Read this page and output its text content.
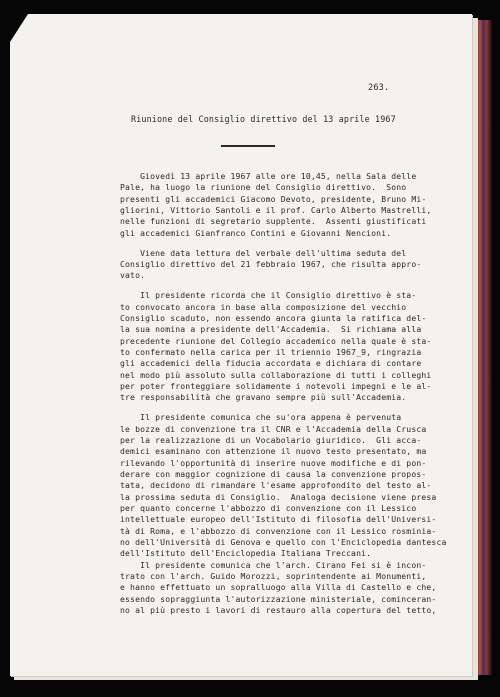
263.
Riunione del Consiglio direttivo del 13 aprile 1967
Giovedì 13 aprile 1967 alle ore 10,45, nella Sala delle
Pale, ha luogo la riunione del Consiglio direttivo.  Sono
presenti gli accademici Giacomo Devoto, presidente, Bruno Mi-
gliorini, Vittorio Santoli e il prof. Carlo Alberto Mastrelli,
nelle funzioni di segretario supplente.  Assenti giustificati
gli accademici Gianfranco Contini e Giovanni Nencioni.
Viene data lettura del verbale dell'ultima seduta del
Consiglio direttivo del 21 febbraio 1967, che risulta appro-
vato.
Il presidente ricorda che il Consiglio direttivo è sta-
to convocato ancora in base alla composizione del vecchio
Consiglio scaduto, non essendo ancora giunta la ratifica del-
la sua nomina a presidente dell'Accademia.  Si richiama alla
precedente riunione del Collegio accademico nella quale è sta-
to confermato nella carica per il triennio 1967_9, ringrazia
gli accademici della fiducia accordata e dichiara di contare
nel modo più assoluto sulla collaborazione di tutti i colleghi
per poter fronteggiare solidamente i notevoli impegni e le al-
tre responsabilità che gravano sempre più sull'Accademia.
Il presidente comunica che su'ora appena è pervenuta
le bozze di convenzione tra il CNR e l'Accademia della Crusca
per la realizzazione di un Vocabolario giuridico.  Gli acca-
demici esaminano con attenzione il nuovo testo presentato, ma
rilevando l'opportunità di inserire nuove modifiche e di pon-
derare con maggior cognizione di causa la convenzione propos-
tata, decidono di rimandare l'esame approfondito del testo al-
la prossima seduta di Consiglio.  Analoga decisione viene presa
per quanto concerne l'abbozzo di convenzione con il Lessico
intellettuale europeo dell'Istituto di filosofia dell'Universi-
tà di Roma, e l'abbozzo di convenzione con il Lessico rosminia-
no dell'Università di Genova e quello con l'Enciclopedia dantesca
dell'Istituto dell'Enciclopedia Italiana Treccani.
Il presidente comunica che l'arch. Cirano Fei si è incon-
trato con l'arch. Guido Morozzi, soprintendente ai Monumenti,
e hanno effettuato un sopralluogo alla Villa di Castello e che,
essendo sopraggiunta l'autorizzazione ministeriale, cominceran-
no al più presto i lavori di restauro alla copertura del tetto,
